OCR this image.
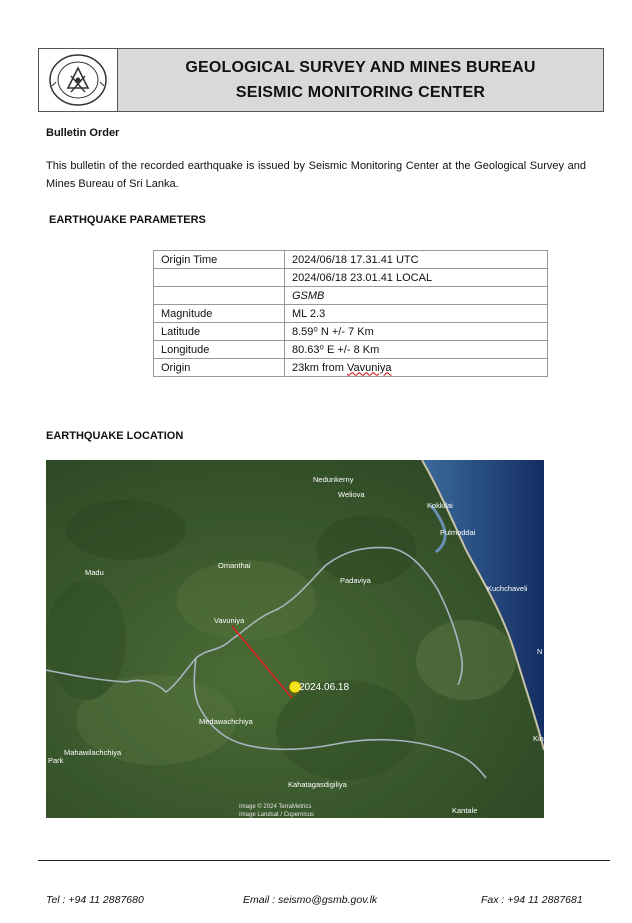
GEOLOGICAL SURVEY AND MINES BUREAU
SEISMIC MONITORING CENTER
Bulletin Order
This bulletin of the recorded earthquake is issued by Seismic Monitoring Center at the Geological Survey and Mines Bureau of Sri Lanka.
EARTHQUAKE PARAMETERS
Origin Time	2024/06/18 17.31.41 UTC
	2024/06/18 23.01.41 LOCAL
	GSMB
Magnitude	ML 2.3
Latitude	8.59⁰ N +/- 7 Km
Longitude	80.63⁰ E +/- 8 Km
Origin	23km from Vavuniya
EARTHQUAKE LOCATION
Nedunkerny
Kokkilai
Weliova
Pulmoddai
Omanthai
Madu
Padaviya
Kuchchaveli
Vavuniya
N
Medawachchiya
Mahawilachchiya
Park
Kahatagasdigiliya
Kantale
Kin
2024.06.18
Image © 2024 TerraMetrics
Image Landsat / Copernicus
Tel : +94 11 2887680	Email : seismo@gsmb.gov.lk	Fax : +94 11 2887681
